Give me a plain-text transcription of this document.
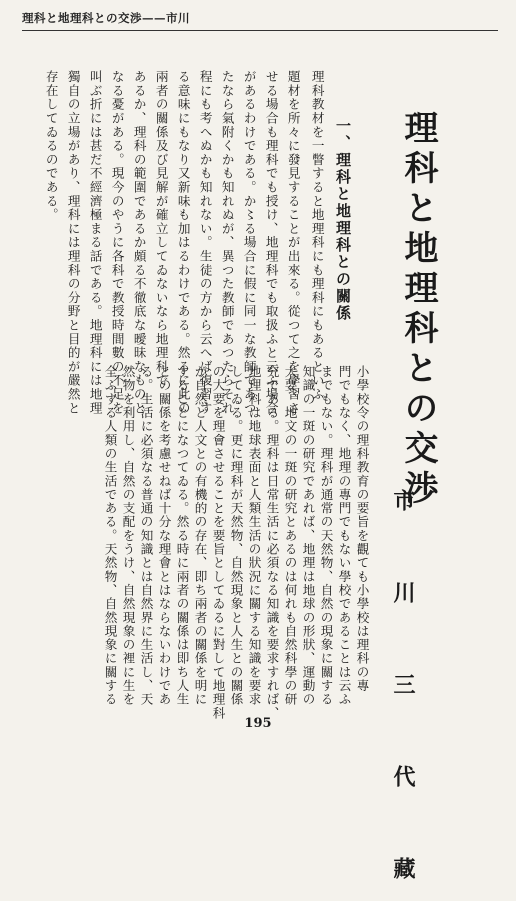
理科と地理科との交渉——市川
存在してゐるのである。 獨自の立場があり、理科には理科の分野と目的が嚴然と 叫ぶ折には甚だ不經濟極まる話である。地理科には地理 なる憂がある。現今のやうに各科で教授時間數の不足を あるか、理科の範圍であるか頗る不徹底な曖昧なものと 兩者の關係及び見解が確立してゐないなら地理科で る意味にもなり又新味も加はるわけである。然るに此の 程にも考へぬかも知れない。生徒の方から云へば復習す たなら氣附くかも知れぬが、異つた教師であつたらそれ があるわけである。か〻る場合に假に同一な教師であつ せる場合も理科でも授け、地理科でも取扱ふと云ふ場合 題材を所々に發見することが出來る。從つて之を學習さ 理科教材を一瞥すると地理科にも理科にもあるといふ 一、理科と地理科との關係 理科と地理科との交渉
市 川 三 代 藏
全ふする人類の生活である。天然物、自然現象に關する 然物を利用し、自然の支配をうけ、自然現象の裡に生を る。生活に必須なる普通の知識とは自然界に生活し、天 との關係を考慮せねば十分な理會とはならないわけであ することになつてゐる。然る時に兩者の關係は即ち人生 が自然と人文との有機的の存在、即ち兩者の關係を明に の大要を理會させることを要旨としてゐるに對して地理科 してゐる。更に理科が天然物、自然現象と人生との關係 地理科は地球表面と人類生活の狀況に關する知識を要求 究である。理科は日常生活に必須なる知識を要求すれば、 大要、地文の一斑の研究とあるのは何れも自然科學の研 知識の一斑の研究であれば、地理は地球の形狀、運動の までもない。理科が通常の天然物、自然の現象に關する 門でもなく、地理の專門でもない學校であることは云ふ 小學校令の理科教育の要旨を觀ても小學校は理科の專
195
